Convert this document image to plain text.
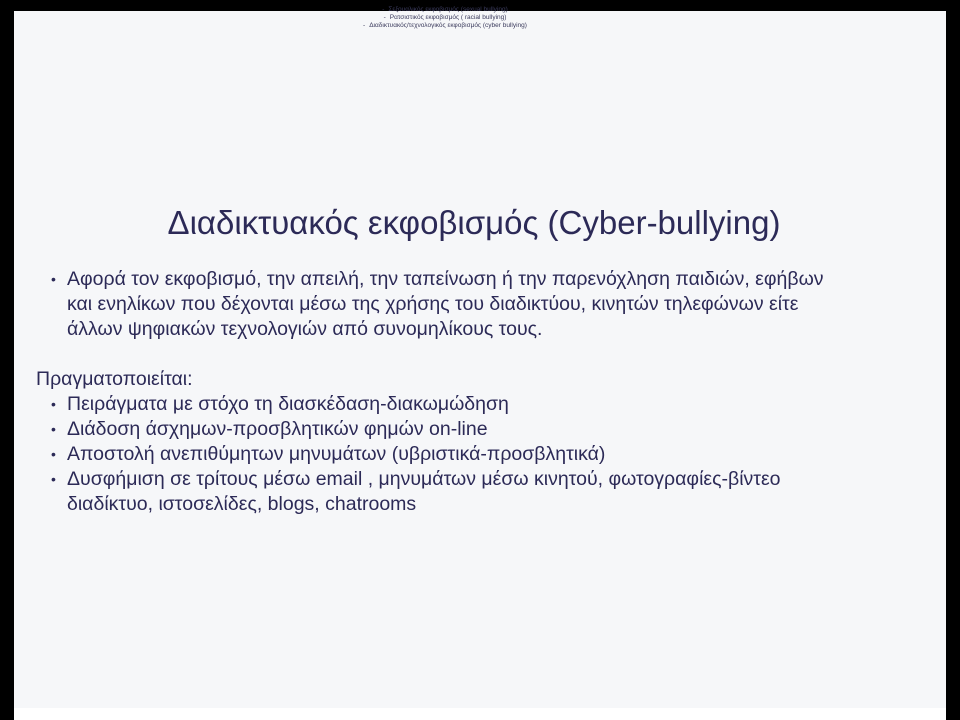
- Σεξουαλικός εκφοβισμός (sexual bullying)
- Ρατσιστικός εκφοβισμός ( racial bullying)
- Διαδικτυακός/τεχνολογικός εκφοβισμός (cyber bullying)
Διαδικτυακός εκφοβισμός (Cyber-bullying)
• Αφορά τον εκφοβισμό, την απειλή, την ταπείνωση ή την παρενόχληση παιδιών, εφήβων
και ενηλίκων που δέχονται μέσω της χρήσης του διαδικτύου, κινητών τηλεφώνων είτε
άλλων ψηφιακών τεχνολογιών από συνομηλίκους τους.
Πραγματοποιείται:
• Πειράγματα με στόχο τη διασκέδαση-διακωμώδηση
• Διάδοση άσχημων-προσβλητικών φημών on-line
• Αποστολή ανεπιθύμητων μηνυμάτων (υβριστικά-προσβλητικά)
• Δυσφήμιση σε τρίτους μέσω email , μηνυμάτων μέσω κινητού, φωτογραφίες-βίντεο
διαδίκτυο, ιστοσελίδες, blogs, chatrooms
